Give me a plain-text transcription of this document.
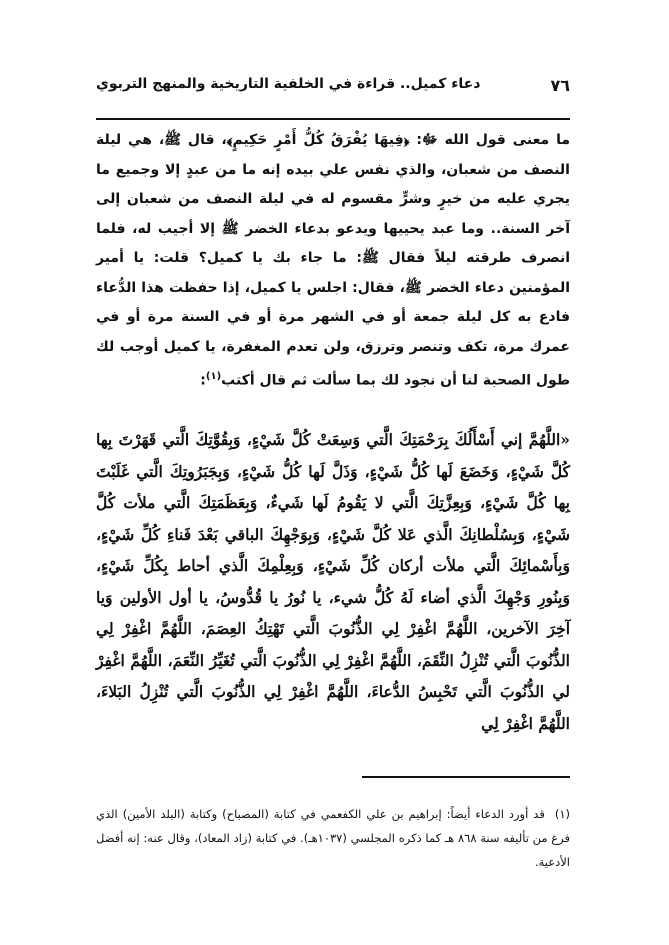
٧٦
دعاء كميل.. قراءة في الخلفية التاريخية والمنهج التربوي
ما معنى قول الله ﷻ: ﴿فِيهَا يُفْرَقُ كُلُّ أَمْرٍ حَكِيمٍ﴾، قال ﷺ، هي ليلة النصف من شعبان، والذي نفس علي بيده إنه ما من عبدٍ إلا وجميع ما يجري عليه من خيرٍ وشرٍّ مقسوم له في ليلة النصف من شعبان إلى آخر السنة.. وما عبد يحييها ويدعو بدعاء الخضر ﷺ إلا أجيب له، فلما انصرف طرقته ليلاً فقال ﷺ: ما جاء بك يا كميل؟ قلت: يا أمير المؤمنين دعاء الخضر ﷺ، فقال: اجلس يا كميل، إذا حفظت هذا الدُّعاء فادع به كل ليلة جمعة أو في الشهر مرة أو في السنة مرة أو في عمرك مرة، تكف وتنصر وترزق، ولن تعدم المغفرة، يا كميل أوجب لك طول الصحبة لنا أن نجود لك بما سألت ثم قال أكتب$^{(١)}$:
«اللَّهُمَّ إني أَسْأَلُكَ بِرَحْمَتِكَ الَّتي وَسِعَتْ كُلَّ شَيْءٍ، وَبِقُوَّتِكَ الَّتي قَهَرْتَ بِها كُلَّ شَيْءٍ، وَخَضَعَ لَها كُلُّ شَيْءٍ، وَذَلَّ لَها كُلُّ شَيْءٍ، وَبِجَبَرُوتِكَ الَّتي غَلَبْتَ بِها كُلَّ شَيْءٍ، وَبِعِزَّتِكَ الَّتي لا يَقُومُ لَها شَيءٌ، وَبِعَظَمَتِكَ الَّتي ملأت كُلَّ شَيْءٍ، وَبِسُلْطانِكَ الَّذي عَلا كُلَّ شَيْءٍ، وَبِوَجْهِكَ الباقي بَعْدَ فَناءِ كُلِّ شَيْءٍ، وَبِأَسْمائِكَ الَّتي ملأت أركان كُلِّ شَيْءٍ، وَبِعِلْمِكَ الَّذي أحاط بِكُلِّ شَيْءٍ، وَبِنُورِ وَجْهِكَ الَّذي أضاء لَهُ كُلُّ شيء، يا نُورُ يا قُدُّوسُ، يا أول الأولين وَيا آخِرَ الآخرين، اللَّهُمَّ اغْفِرْ لِي الذُّنُوبَ الَّتي تَهْتِكُ العِصَمَ، اللَّهُمَّ اغْفِرْ لِي الذُّنُوبَ الَّتي تُنْزِلُ النِّقَمَ، اللَّهُمَّ اغْفِرْ لِي الذُّنُوبَ الَّتي تُغَيِّرُ النِّعَمَ، اللَّهُمَّ اغْفِرْ لي الذُّنُوبَ الَّتي تَحْبِسُ الدُّعاءَ، اللَّهُمَّ اغْفِرْ لِي الذُّنُوبَ الَّتي تُنْزِلُ البَلاءَ، اللَّهُمَّ اغْفِرْ لِي
(١)  قد أورد الدعاء أيضاً: إبراهيم بن علي الكفعمي في كتابة (المصباح) وكتابة (البلد الأمين) الذي فرغ من تأليفه سنة ٨٦٨ هـ كما ذكره المجلسي (١٠٣٧هـ). في كتابة (زاد المعاد)، وقال عنه: إنه أفضل الأدعية.
